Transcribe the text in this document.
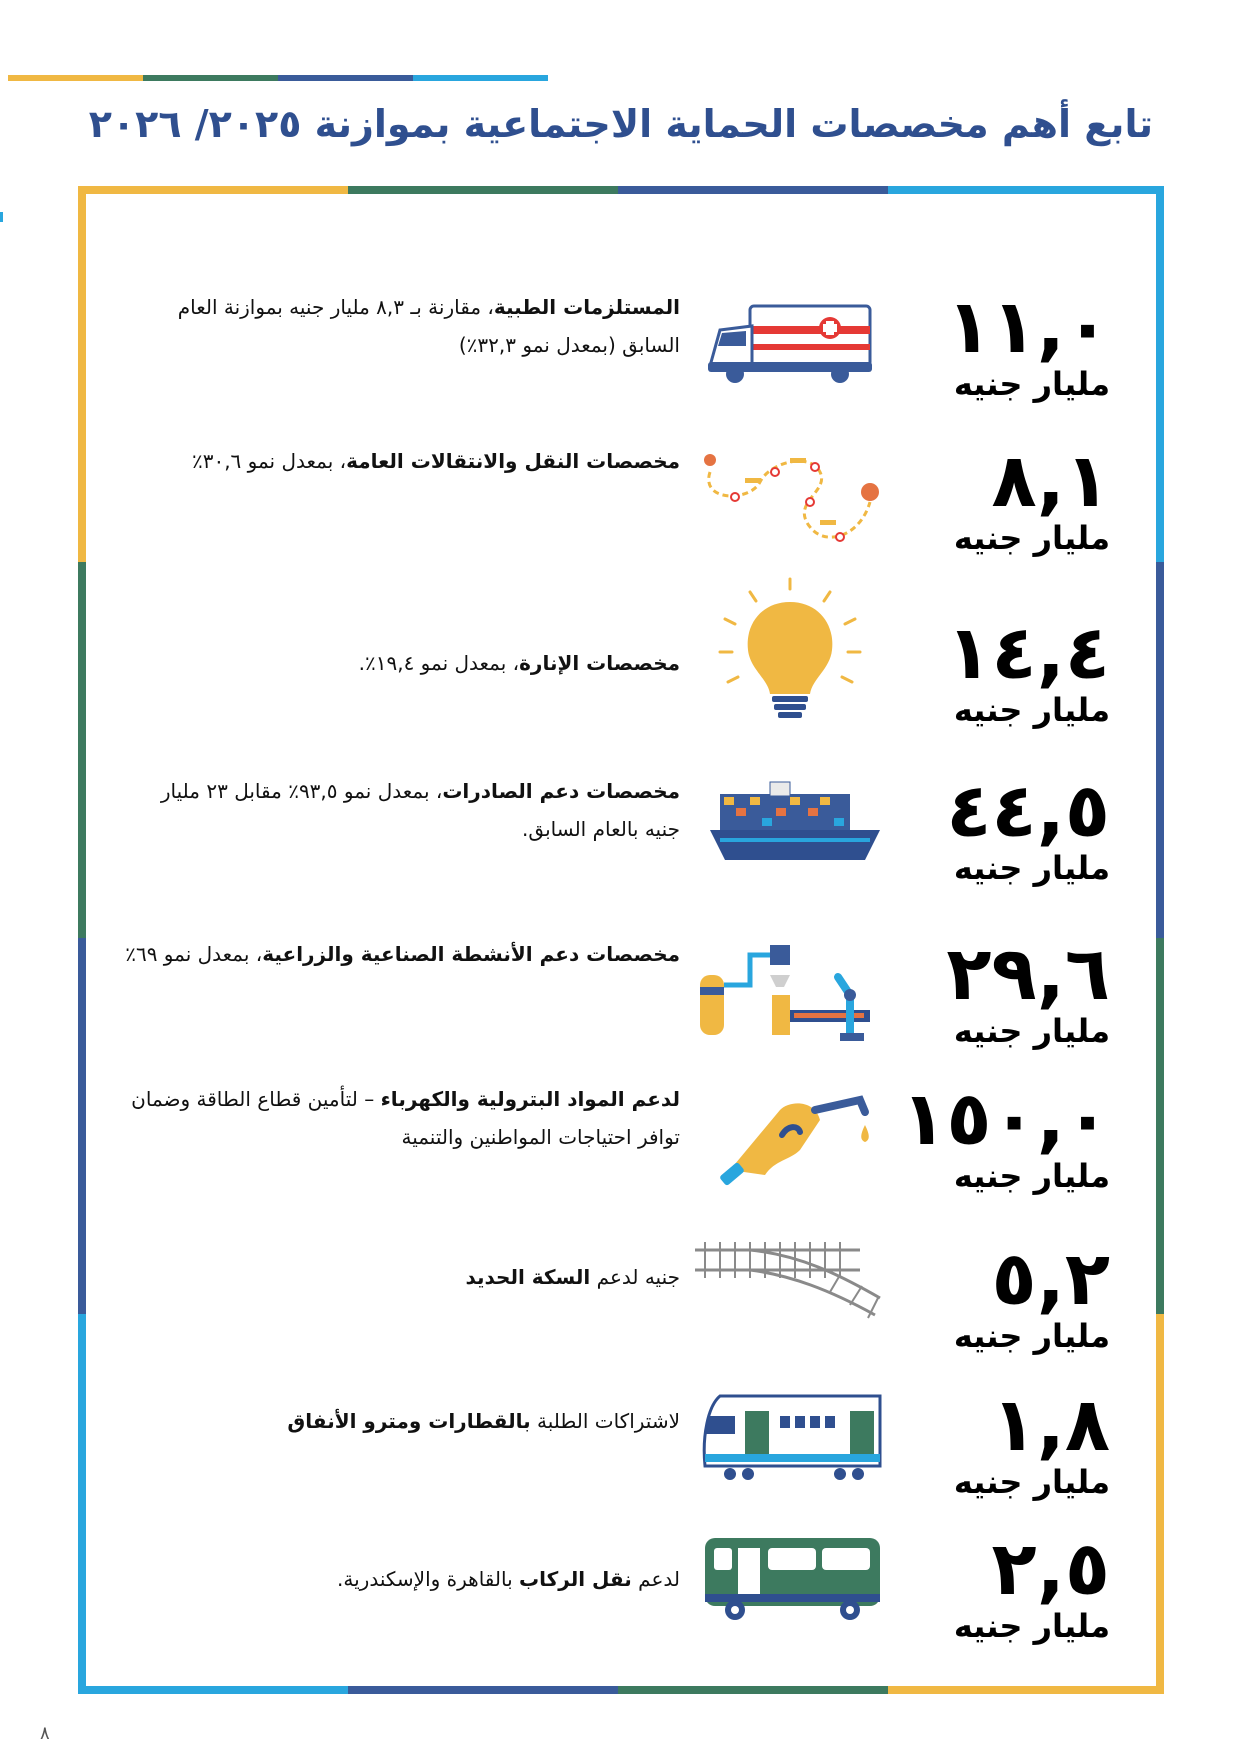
تابع أهم مخصصات الحماية الاجتماعية بموازنة ٢٠٢٥/ ٢٠٢٦
١١,٠
مليار جنيه
المستلزمات الطبية، مقارنة بـ ٨,٣ مليار جنيه بموازنة العام السابق (بمعدل نمو ٣٢,٣٪)
٨,١
مليار جنيه
مخصصات النقل والانتقالات العامة، بمعدل نمو ٣٠,٦٪
١٤,٤
مليار جنيه
مخصصات الإنارة، بمعدل نمو ١٩,٤٪.
٤٤,٥
مليار جنيه
مخصصات دعم الصادرات، بمعدل نمو ٩٣,٥٪ مقابل ٢٣ مليار جنيه بالعام السابق.
٢٩,٦
مليار جنيه
مخصصات دعم الأنشطة الصناعية والزراعية، بمعدل نمو ٦٩٪
١٥٠,٠
مليار جنيه
لدعم المواد البترولية والكهرباء – لتأمين قطاع الطاقة وضمان توافر احتياجات المواطنين والتنمية
٥,٢
مليار جنيه
جنيه لدعم السكة الحديد
١,٨
مليار جنيه
لاشتراكات الطلبة بالقطارات ومترو الأنفاق
٢,٥
مليار جنيه
لدعم نقل الركاب بالقاهرة والإسكندرية.
٨
